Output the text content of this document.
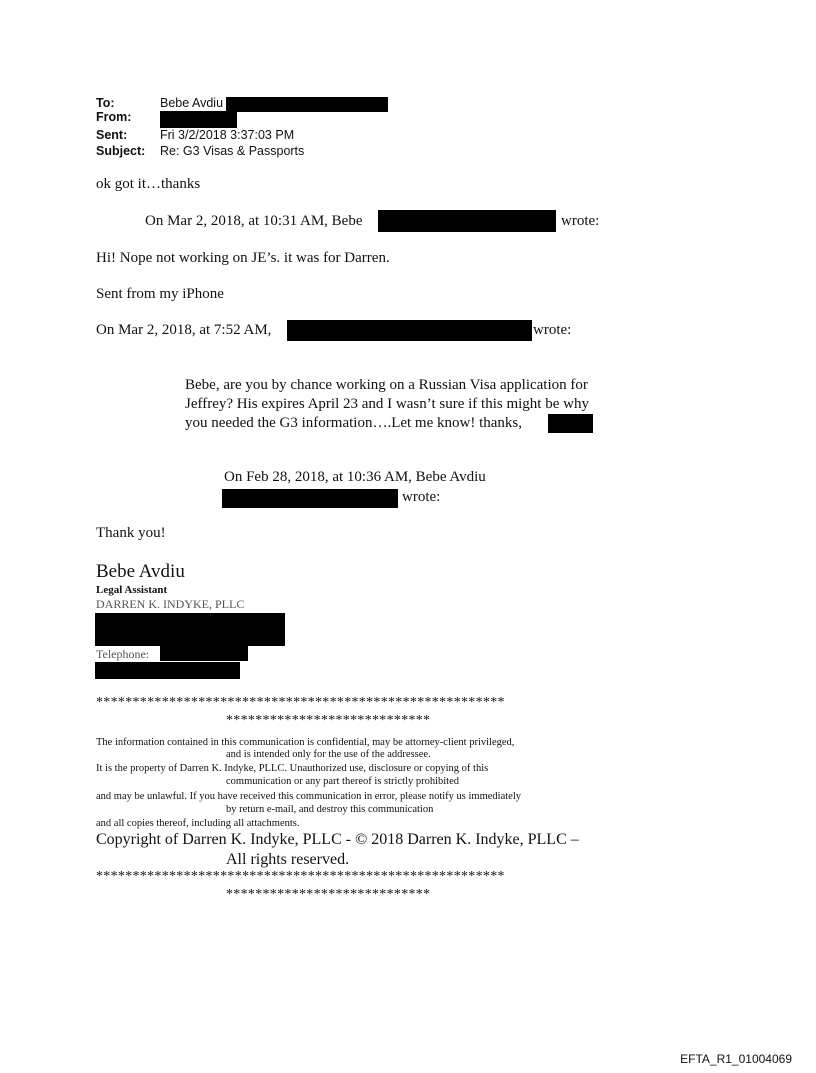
To:	Bebe Avdiu
From:
Sent:	Fri 3/2/2018 3:37:03 PM
Subject: Re: G3 Visas & Passports
ok got it…thanks
On Mar 2, 2018, at 10:31 AM, Bebe	wrote:
Hi! Nope not working on JE’s. it was for Darren.
Sent from my iPhone
On Mar 2, 2018, at 7:52 AM,	wrote:
Bebe, are you by chance working on a Russian Visa application for
Jeffrey? His expires April 23 and I wasn’t sure if this might be why
you needed the G3 information….Let me know! thanks,
On Feb 28, 2018, at 10:36 AM, Bebe Avdiu
wrote:
Thank you!
Bebe Avdiu
Legal Assistant
DARREN K. INDYKE, PLLC
Telephone:
********************************************************
****************************
The information contained in this communication is confidential, may be attorney-client privileged,
and is intended only for the use of the addressee.
It is the property of Darren K. Indyke, PLLC. Unauthorized use, disclosure or copying of this
communication or any part thereof is strictly prohibited
and may be unlawful. If you have received this communication in error, please notify us immediately
by return e-mail, and destroy this communication
and all copies thereof, including all attachments.
Copyright of Darren K. Indyke, PLLC - © 2018 Darren K. Indyke, PLLC –
All rights reserved.
********************************************************
****************************
EFTA_R1_01004069
